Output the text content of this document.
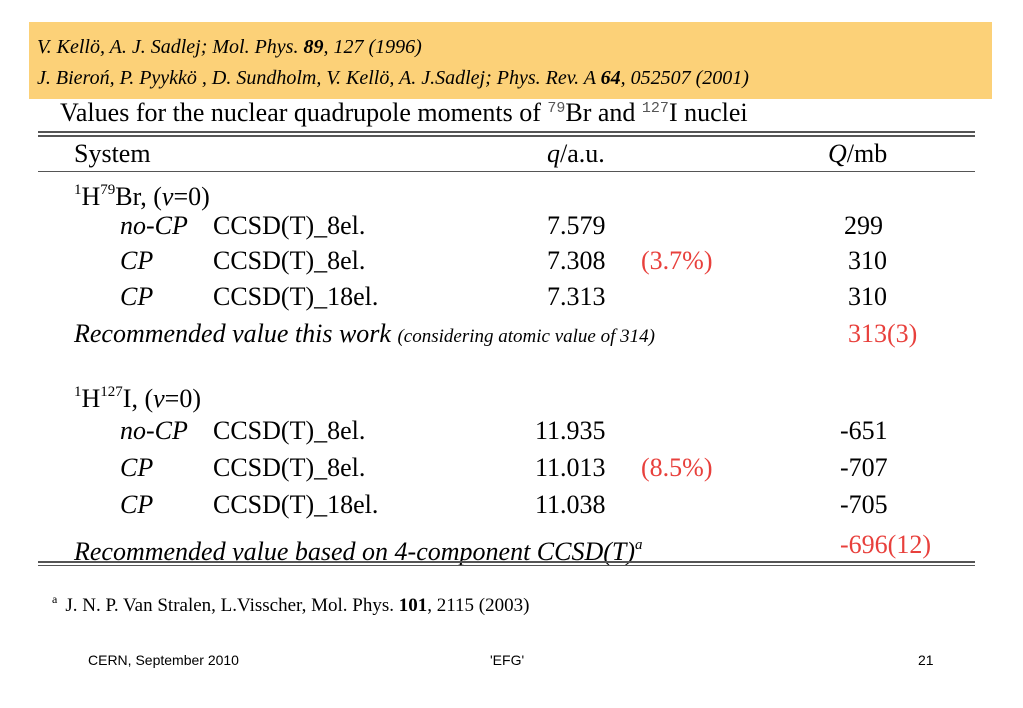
V. Kellö, A. J. Sadlej; Mol. Phys. 89, 127 (1996)
J. Bieroń, P. Pyykkö , D. Sundholm, V. Kellö, A. J.Sadlej; Phys. Rev. A 64, 052507 (2001)
Values for the nuclear quadrupole moments of $^{79}$Br and $^{127}$I nuclei
System	q/a.u.	Q/mb
$^1H^{79}Br$, (v=0)
no-CP CCSD(T)_8el.	7.579	299
CP CCSD(T)_8el.	7.308 (3.7%)	310
CP CCSD(T)_18el.	7.313	310
Recommended value this work (considering atomic value of 314)	313(3)
$^1H^{127}I$, (v=0)
no-CP CCSD(T)_8el.	11.935	-651
CP CCSD(T)_8el.	11.013 (8.5%)	-707
CP CCSD(T)_18el.	11.038	-705
Recommended value based on 4-component $CCSD(T)^a$	-696(12)
$^a$ J. N. P. Van Stralen, L.Visscher, Mol. Phys. 101, 2115 (2003)
CERN, September 2010	'EFG'	21
